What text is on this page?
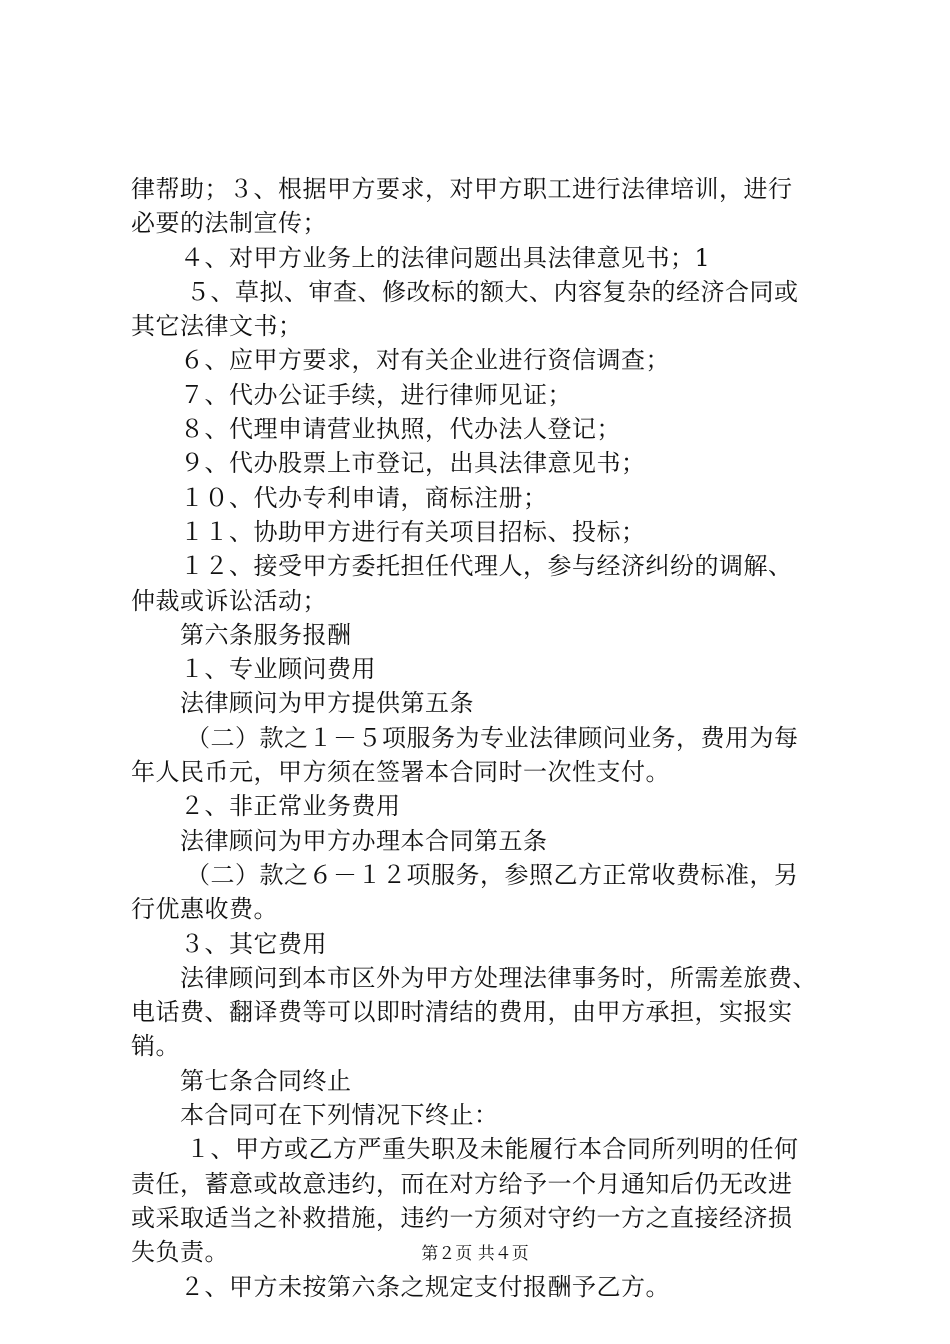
律帮助；３、根据甲方要求，对甲方职工进行法律培训，进行
必要的法制宣传；
４、对甲方业务上的法律问题出具法律意见书；1
５、草拟、审查、修改标的额大、内容复杂的经济合同或
其它法律文书；
６、应甲方要求，对有关企业进行资信调查；
７、代办公证手续，进行律师见证；
８、代理申请营业执照，代办法人登记；
９、代办股票上市登记，出具法律意见书；
１０、代办专利申请，商标注册；
１１、协助甲方进行有关项目招标、投标；
１２、接受甲方委托担任代理人，参与经济纠纷的调解、
仲裁或诉讼活动；
第六条服务报酬
１、专业顾问费用
法律顾问为甲方提供第五条
（二）款之１－５项服务为专业法律顾问业务，费用为每
年人民币元，甲方须在签署本合同时一次性支付。
２、非正常业务费用
法律顾问为甲方办理本合同第五条
（二）款之６－１２项服务，参照乙方正常收费标准，另
行优惠收费。
３、其它费用
法律顾问到本市区外为甲方处理法律事务时，所需差旅费、
电话费、翻译费等可以即时清结的费用，由甲方承担，实报实
销。
第七条合同终止
本合同可在下列情况下终止：
１、甲方或乙方严重失职及未能履行本合同所列明的任何
责任，蓄意或故意违约，而在对方给予一个月通知后仍无改进
或采取适当之补救措施，违约一方须对守约一方之直接经济损
失负责。
２、甲方未按第六条之规定支付报酬予乙方。
第２页 共４页
